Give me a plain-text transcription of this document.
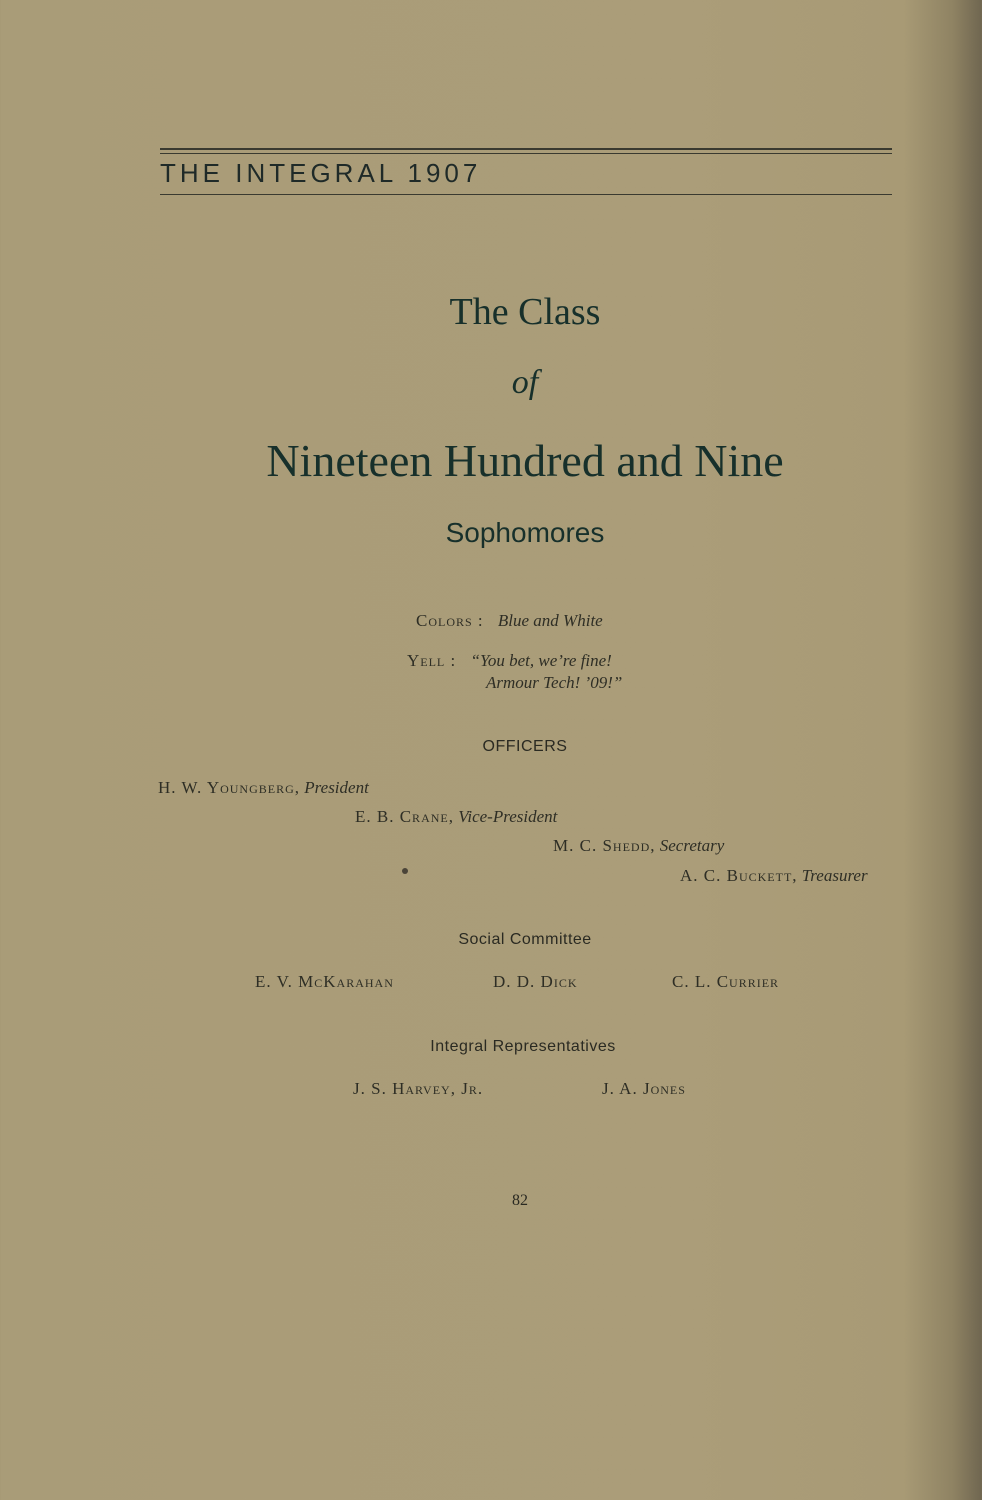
THE INTEGRAL 1907
The Class
of
Nineteen Hundred and Nine
Sophomores
Colors : Blue and White
Yell : “You bet, we’re fine!
Armour Tech! ’09!”
OFFICERS
H. W. Youngberg, President
E. B. Crane, Vice-President
M. C. Shedd, Secretary
A. C. Buckett, Treasurer
Social Committee
E. V. McKarahan	D. D. Dick	C. L. Currier
Integral Representatives
J. S. Harvey, Jr.	J. A. Jones
82
